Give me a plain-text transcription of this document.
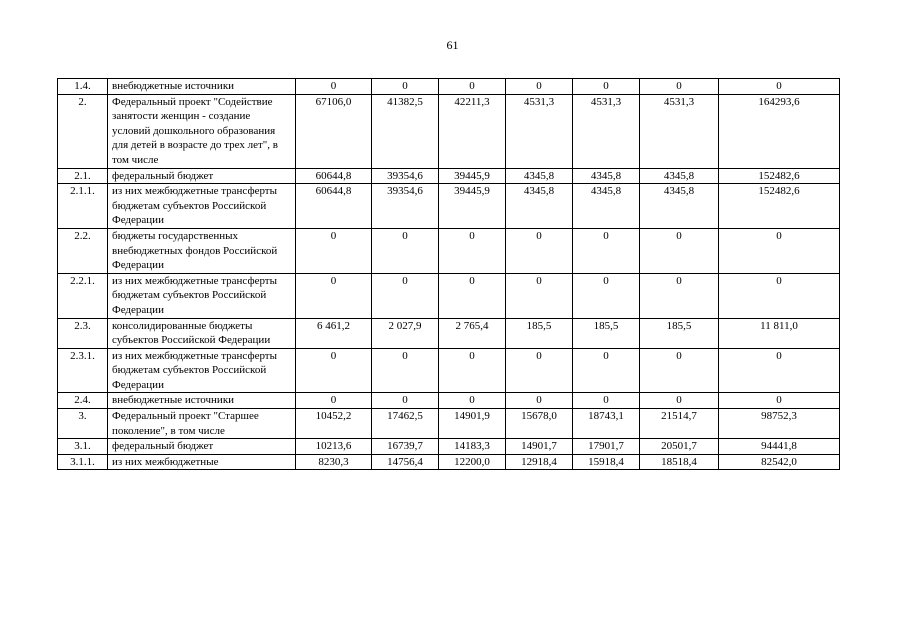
61
1.4.	внебюджетные источники	0	0	0	0	0	0	0
2.	Федеральный проект "Содействие занятости женщин - создание условий дошкольного образования для детей в возрасте до трех лет", в том числе	67106,0	41382,5	42211,3	4531,3	4531,3	4531,3	164293,6
2.1.	федеральный бюджет	60644,8	39354,6	39445,9	4345,8	4345,8	4345,8	152482,6
2.1.1.	из них межбюджетные трансферты бюджетам субъектов Российской Федерации	60644,8	39354,6	39445,9	4345,8	4345,8	4345,8	152482,6
2.2.	бюджеты государственных внебюджетных фондов Российской Федерации	0	0	0	0	0	0	0
2.2.1.	из них межбюджетные трансферты бюджетам субъектов Российской Федерации	0	0	0	0	0	0	0
2.3.	консолидированные бюджеты субъектов Российской Федерации	6 461,2	2 027,9	2 765,4	185,5	185,5	185,5	11 811,0
2.3.1.	из них межбюджетные трансферты бюджетам субъектов Российской Федерации	0	0	0	0	0	0	0
2.4.	внебюджетные источники	0	0	0	0	0	0	0
3.	Федеральный проект "Старшее поколение", в том числе	10452,2	17462,5	14901,9	15678,0	18743,1	21514,7	98752,3
3.1.	федеральный бюджет	10213,6	16739,7	14183,3	14901,7	17901,7	20501,7	94441,8
3.1.1.	из них межбюджетные	8230,3	14756,4	12200,0	12918,4	15918,4	18518,4	82542,0
